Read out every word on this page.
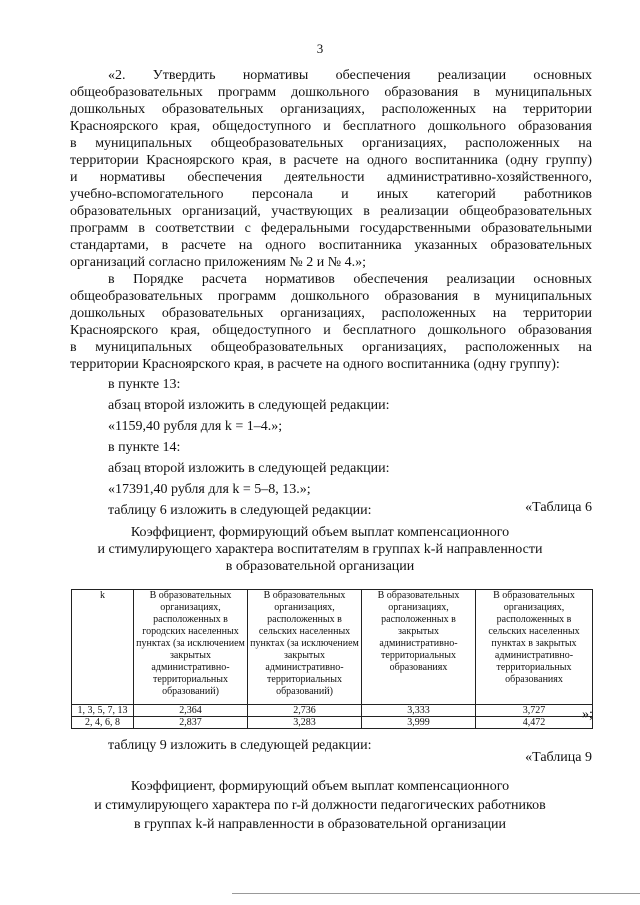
3
«2. Утвердить нормативы обеспечения реализации основных
общеобразовательных программ дошкольного образования в муниципальных
дошкольных образовательных организациях, расположенных на территории
Красноярского края, общедоступного и бесплатного дошкольного образования
в муниципальных общеобразовательных организациях, расположенных на
территории Красноярского края, в расчете на одного воспитанника (одну группу)
и нормативы обеспечения деятельности административно-хозяйственного,
учебно-вспомогательного персонала и иных категорий работников
образовательных организаций, участвующих в реализации общеобразовательных
программ в соответствии с федеральными государственными образовательными
стандартами, в расчете на одного воспитанника указанных образовательных
организаций согласно приложениям № 2 и № 4.»;
в Порядке расчета нормативов обеспечения реализации основных
общеобразовательных программ дошкольного образования в муниципальных
дошкольных образовательных организациях, расположенных на территории
Красноярского края, общедоступного и бесплатного дошкольного образования
в муниципальных общеобразовательных организациях, расположенных на
территории Красноярского края, в расчете на одного воспитанника (одну группу):
в пункте 13:
абзац второй изложить в следующей редакции:
«1159,40 рубля для k = 1–4.»;
в пункте 14:
абзац второй изложить в следующей редакции:
«17391,40 рубля для k = 5–8, 13.»;
таблицу 6 изложить в следующей редакции:	«Таблица 6
Коэффициент, формирующий объем выплат компенсационного
и стимулирующего характера воспитателям в группах k-й направленности
в образовательной организации
k	В образовательных организациях, расположенных в городских населенных пунктах (за исключением закрытых административно-территориальных образований)	В образовательных организациях, расположенных в сельских населенных пунктах (за исключением закрытых административно-территориальных образований)	В образовательных организациях, расположенных в закрытых административно-территориальных образованиях	В образовательных организациях, расположенных в сельских населенных пунктах в закрытых административно-территориальных образованиях
1, 3, 5, 7, 13	2,364	2,736	3,333	3,727
2, 4, 6, 8	2,837	3,283	3,999	4,472
»;
таблицу 9 изложить в следующей редакции:
«Таблица 9
Коэффициент, формирующий объем выплат компенсационного
и стимулирующего характера по r-й должности педагогических работников
в группах k-й направленности в образовательной организации
